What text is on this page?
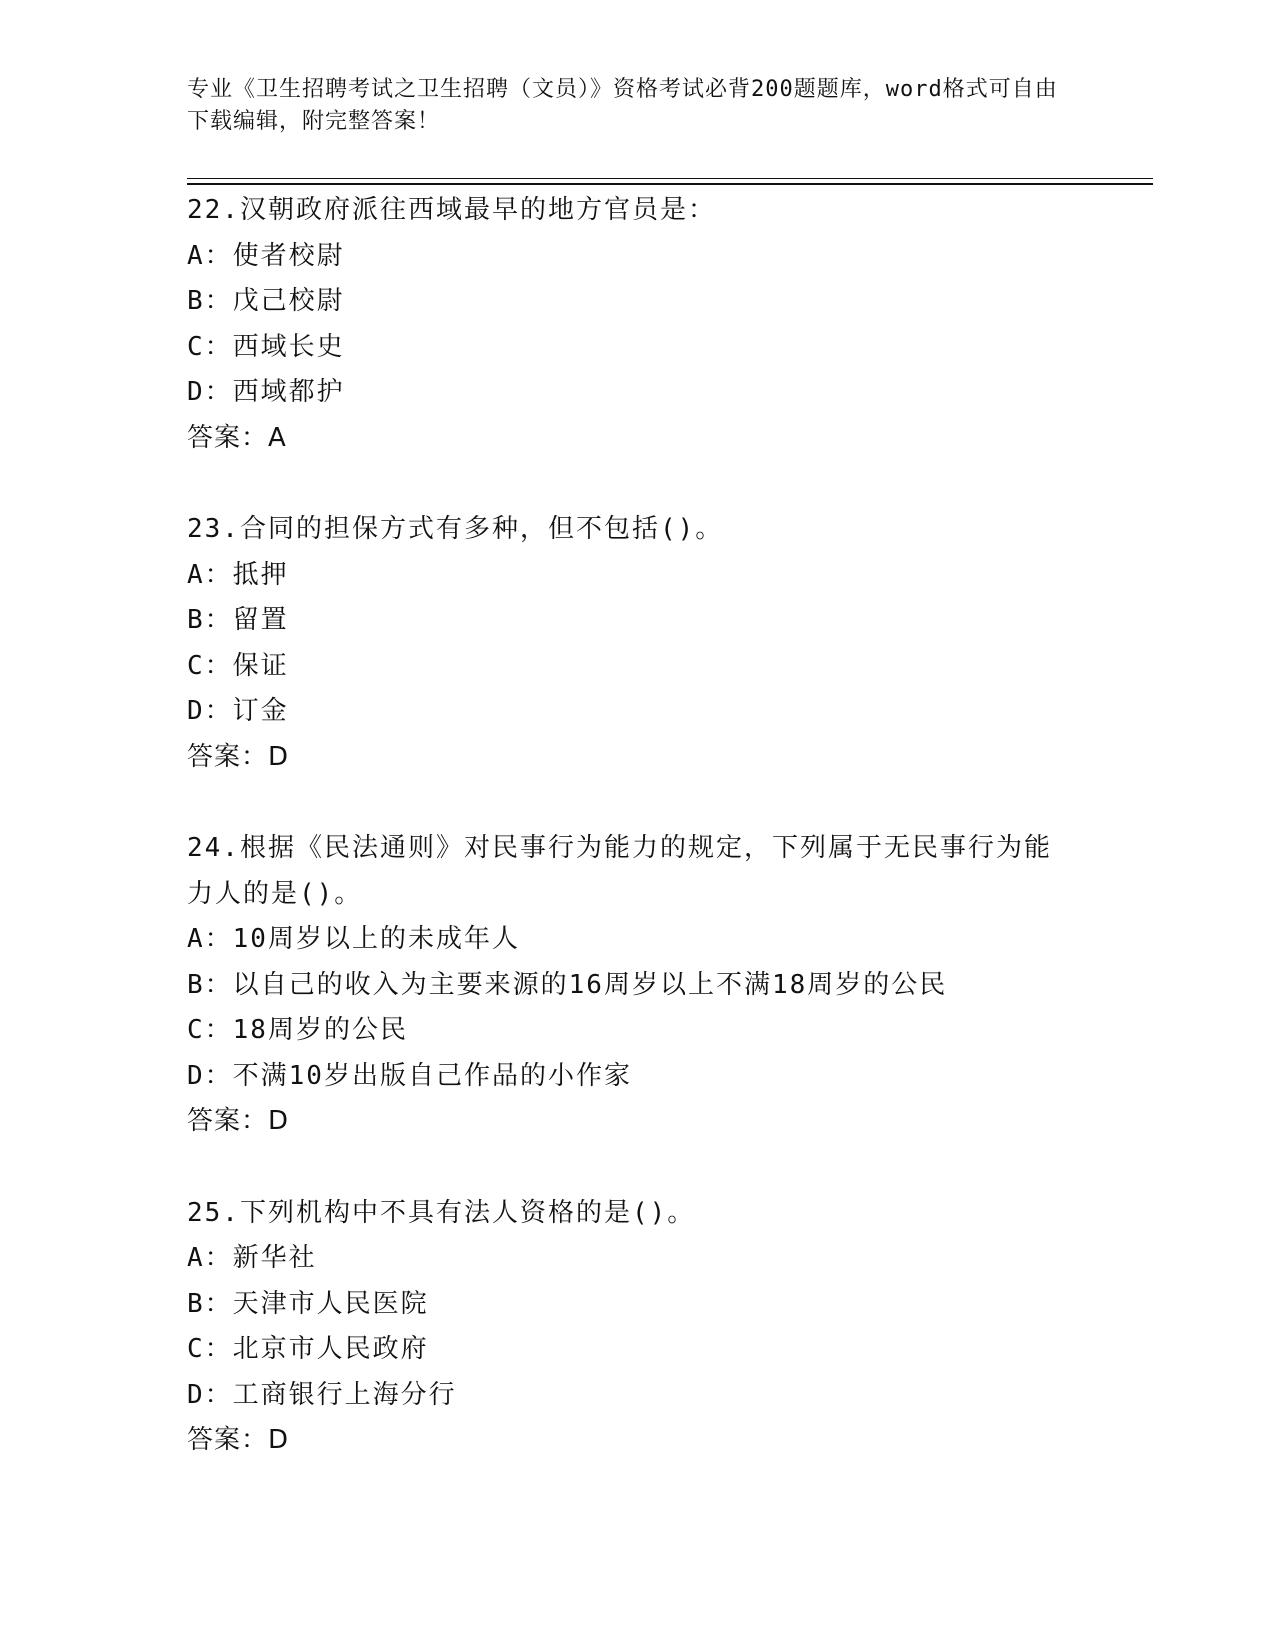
专业《卫生招聘考试之卫生招聘（文员）》资格考试必背200题题库，word格式可自由下载编辑，附完整答案！
22.汉朝政府派往西域最早的地方官员是：
A：使者校尉
B：戊己校尉
C：西域长史
D：西域都护
答案：A
23.合同的担保方式有多种，但不包括()。
A：抵押
B：留置
C：保证
D：订金
答案：D
24.根据《民法通则》对民事行为能力的规定，下列属于无民事行为能力人的是()。
A：10周岁以上的未成年人
B：以自己的收入为主要来源的16周岁以上不满18周岁的公民
C：18周岁的公民
D：不满10岁出版自己作品的小作家
答案：D
25.下列机构中不具有法人资格的是()。
A：新华社
B：天津市人民医院
C：北京市人民政府
D：工商银行上海分行
答案：D
